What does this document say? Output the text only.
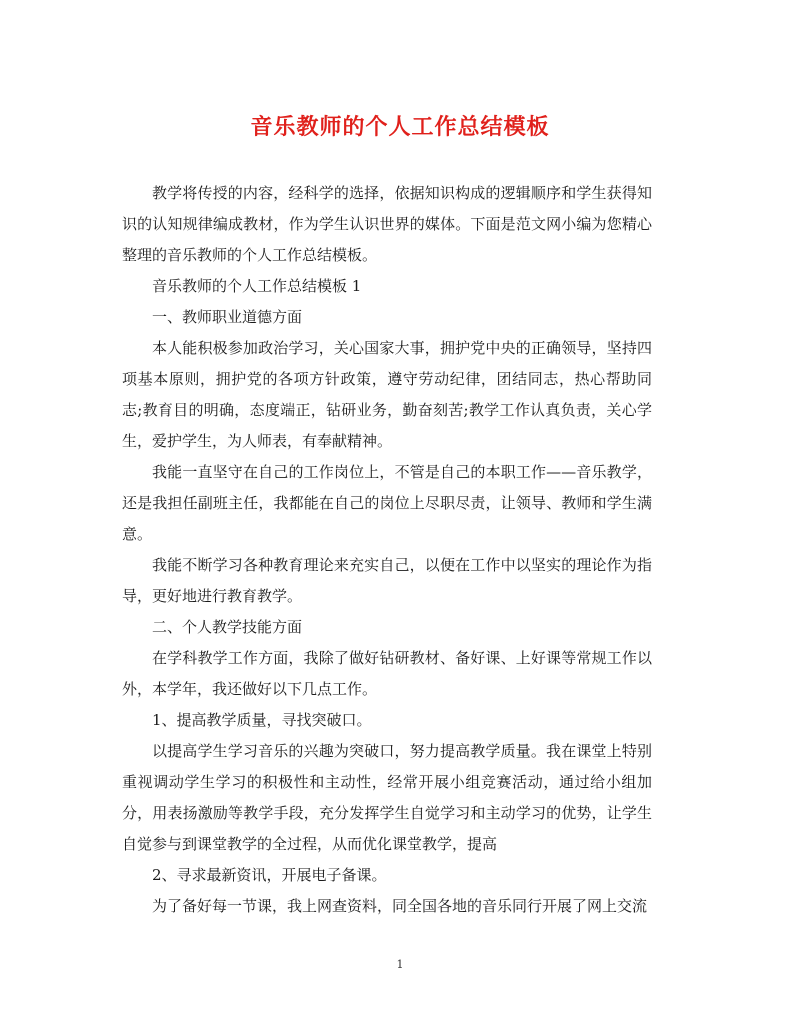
音乐教师的个人工作总结模板

教学将传授的内容，经科学的选择，依据知识构成的逻辑顺序和学生获得知识的认知规律编成教材，作为学生认识世界的媒体。下面是范文网小编为您精心整理的音乐教师的个人工作总结模板。

音乐教师的个人工作总结模板 1

一、教师职业道德方面

本人能积极参加政治学习，关心国家大事，拥护党中央的正确领导，坚持四项基本原则，拥护党的各项方针政策，遵守劳动纪律，团结同志，热心帮助同志;教育目的明确，态度端正，钻研业务，勤奋刻苦;教学工作认真负责，关心学生，爱护学生，为人师表，有奉献精神。

我能一直坚守在自己的工作岗位上，不管是自己的本职工作——音乐教学，还是我担任副班主任，我都能在自己的岗位上尽职尽责，让领导、教师和学生满意。

我能不断学习各种教育理论来充实自己，以便在工作中以坚实的理论作为指导，更好地进行教育教学。

二、个人教学技能方面

在学科教学工作方面，我除了做好钻研教材、备好课、上好课等常规工作以外，本学年，我还做好以下几点工作。

1、提高教学质量，寻找突破口。

以提高学生学习音乐的兴趣为突破口，努力提高教学质量。我在课堂上特别重视调动学生学习的积极性和主动性，经常开展小组竞赛活动，通过给小组加分，用表扬激励等教学手段，充分发挥学生自觉学习和主动学习的优势，让学生自觉参与到课堂教学的全过程，从而优化课堂教学，提高

2、寻求最新资讯，开展电子备课。

为了备好每一节课，我上网查资料，同全国各地的音乐同行开展了网上交流

1
